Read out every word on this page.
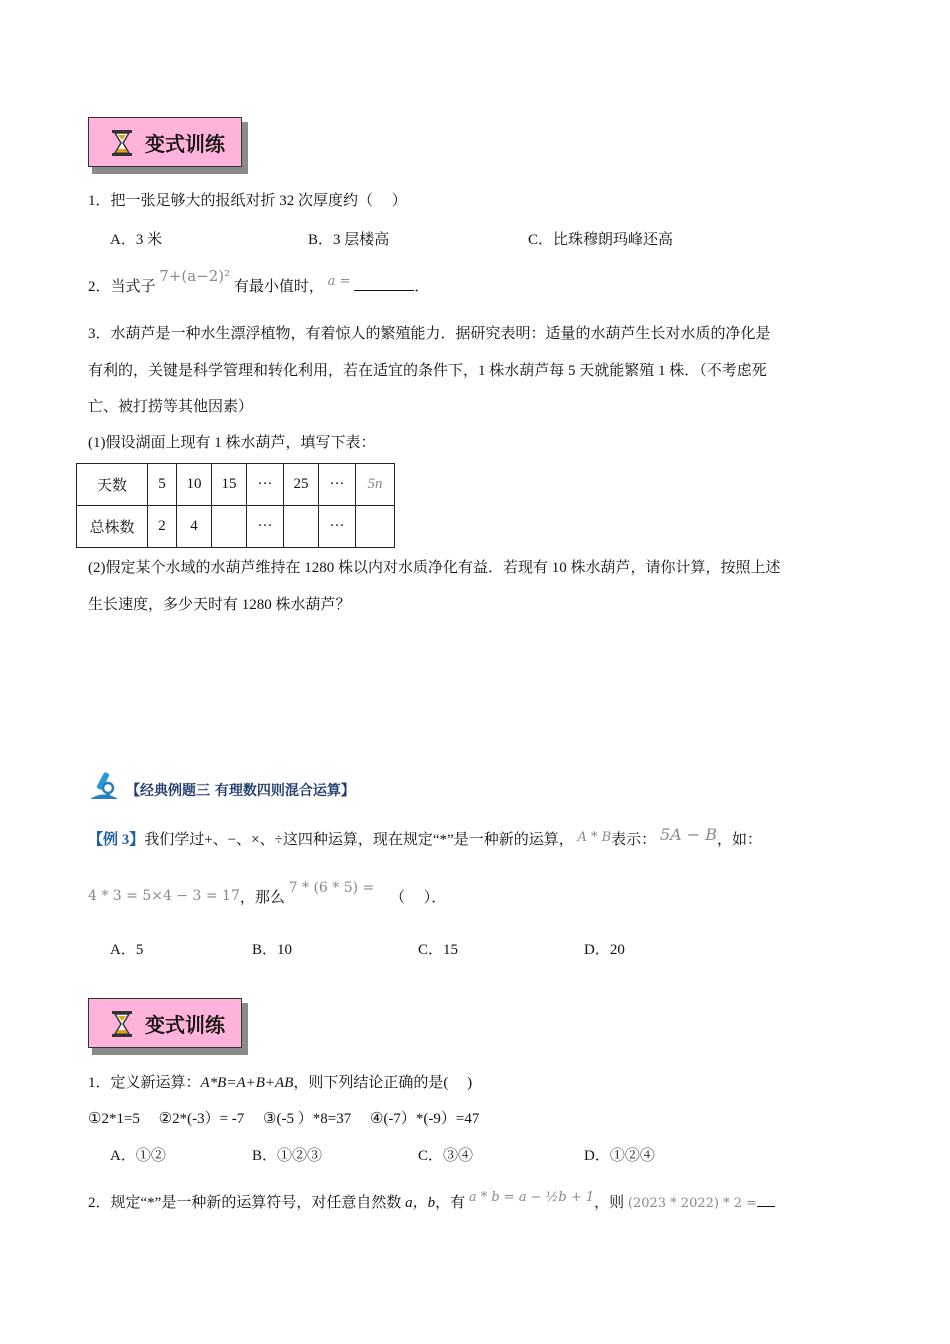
变式训练
1．把一张足够大的报纸对折 32 次厚度约（　 ）
A．3 米	B．3 层楼高	C．比珠穆朗玛峰还高
2．当式子 7+(a−2)² 有最小值时， a =	．
3．水葫芦是一种水生漂浮植物，有着惊人的繁殖能力．据研究表明：适量的水葫芦生长对水质的净化是
有利的，关键是科学管理和转化利用，若在适宜的条件下，1 株水葫芦每 5 天就能繁殖 1 株．（不考虑死
亡、被打捞等其他因素）
(1)假设湖面上现有 1 株水葫芦，填写下表：
天数	5	10	15	···	25	···	5n
总株数	2	4		···		···	
(2)假定某个水域的水葫芦维持在 1280 株以内对水质净化有益．若现有 10 株水葫芦，请你计算，按照上述
生长速度，多少天时有 1280 株水葫芦？
【经典例题三 有理数四则混合运算】
【例 3】我们学过+、−、×、÷这四种运算，现在规定“*”是一种新的运算， A * B表示： 5A − B，如：
4 * 3 = 5×4 − 3 = 17，那么 7 * (6 * 5) = （　 ）．
A．5	B．10	C．15	D．20
变式训练
1．定义新运算：A*B=A+B+AB，则下列结论正确的是(　 )
①2*1=5　 ②2*(-3）= -7　 ③(-5 ）*8=37　 ④(-7）*(-9）=47
A．①②	B．①②③	C．③④	D．①②④
2．规定“*”是一种新的运算符号，对任意自然数 a，b，有 a * b = a − ½b + 1，则 (2023 * 2022) * 2 =
